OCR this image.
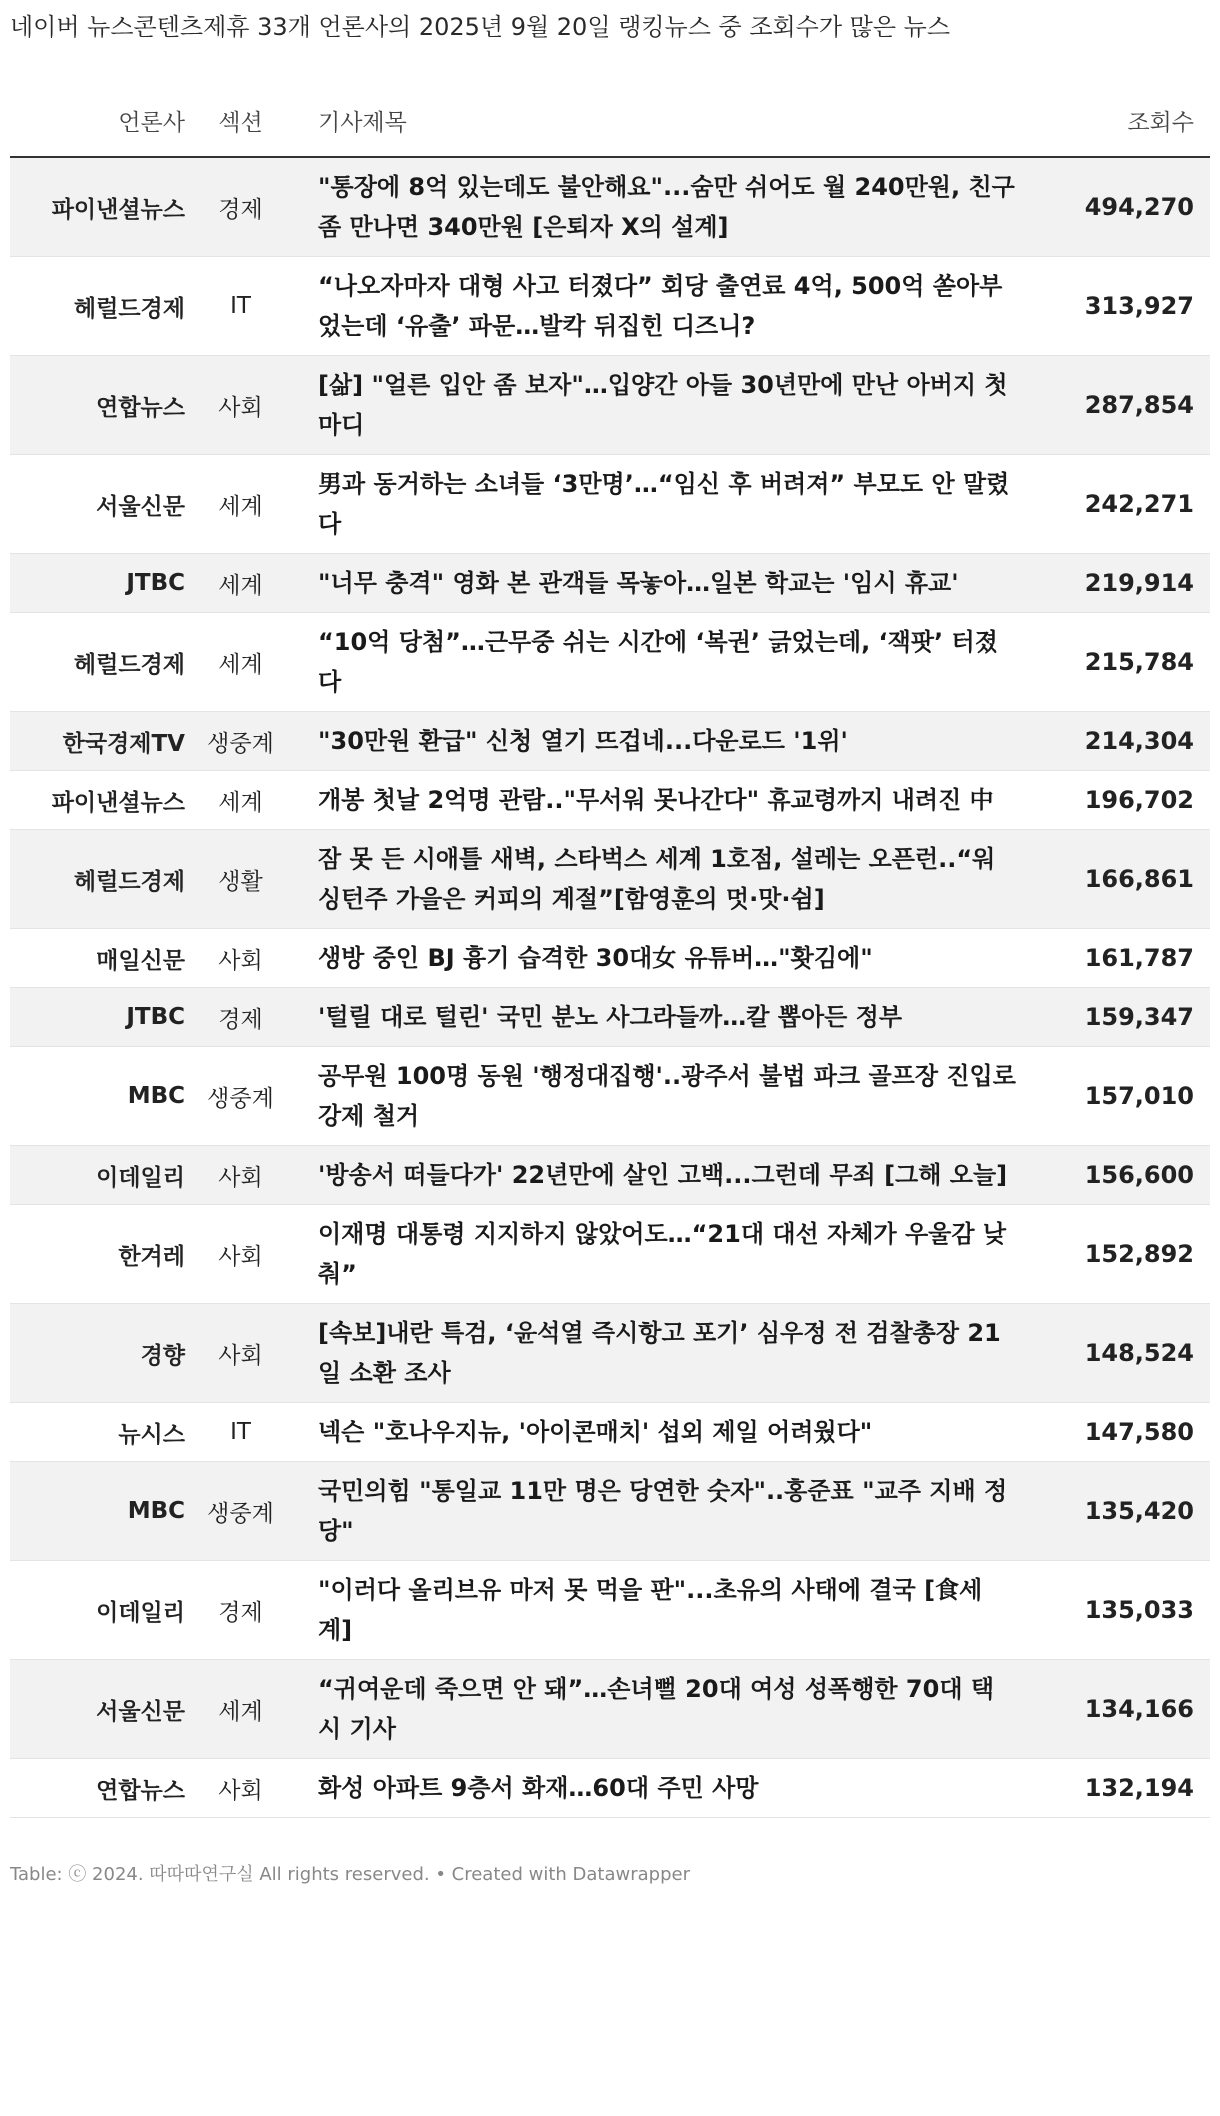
네이버 뉴스콘텐츠제휴 33개 언론사의 2025년 9월 20일 랭킹뉴스 중 조회수가 많은 뉴스
언론사	섹션	기사제목	조회수
파이낸셜뉴스	경제	"통장에 8억 있는데도 불안해요"...숨만 쉬어도 월 240만원, 친구 좀 만나면 340만원 [은퇴자 X의 설계]	494,270
헤럴드경제	IT	“나오자마자 대형 사고 터졌다” 회당 출연료 4억, 500억 쏟아부었는데 ‘유출’ 파문…발칵 뒤집힌 디즈니?	313,927
연합뉴스	사회	[삶] "얼른 입안 좀 보자"…입양간 아들 30년만에 만난 아버지 첫마디	287,854
서울신문	세계	男과 동거하는 소녀들 ‘3만명’…“임신 후 버려져” 부모도 안 말렸다	242,271
JTBC	세계	"너무 충격" 영화 본 관객들 목놓아…일본 학교는 '임시 휴교'	219,914
헤럴드경제	세계	“10억 당첨”…근무중 쉬는 시간에 ‘복권’ 긁었는데, ‘잭팟’ 터졌다	215,784
한국경제TV	생중계	"30만원 환급" 신청 열기 뜨겁네...다운로드 '1위'	214,304
파이낸셜뉴스	세계	개봉 첫날 2억명 관람.."무서워 못나간다" 휴교령까지 내려진 中	196,702
헤럴드경제	생활	잠 못 든 시애틀 새벽, 스타벅스 세계 1호점, 설레는 오픈런..“워싱턴주 가을은 커피의 계절”[함영훈의 멋·맛·쉼]	166,861
매일신문	사회	생방 중인 BJ 흉기 습격한 30대女 유튜버…"홧김에"	161,787
JTBC	경제	'털릴 대로 털린' 국민 분노 사그라들까…칼 뽑아든 정부	159,347
MBC	생중계	공무원 100명 동원 '행정대집행'..광주서 불법 파크 골프장 진입로 강제 철거	157,010
이데일리	사회	'방송서 떠들다가' 22년만에 살인 고백...그런데 무죄 [그해 오늘]	156,600
한겨레	사회	이재명 대통령 지지하지 않았어도…“21대 대선 자체가 우울감 낮춰”	152,892
경향	사회	[속보]내란 특검, ‘윤석열 즉시항고 포기’ 심우정 전 검찰총장 21일 소환 조사	148,524
뉴시스	IT	넥슨 "호나우지뉴, '아이콘매치' 섭외 제일 어려웠다"	147,580
MBC	생중계	국민의힘 "통일교 11만 명은 당연한 숫자"..홍준표 "교주 지배 정당"	135,420
이데일리	경제	"이러다 올리브유 마저 못 먹을 판"...초유의 사태에 결국 [食세계]	135,033
서울신문	세계	“귀여운데 죽으면 안 돼”…손녀뻘 20대 여성 성폭행한 70대 택시 기사	134,166
연합뉴스	사회	화성 아파트 9층서 화재…60대 주민 사망	132,194
Table: ⓒ 2024. 따따따연구실 All rights reserved. • Created with Datawrapper
